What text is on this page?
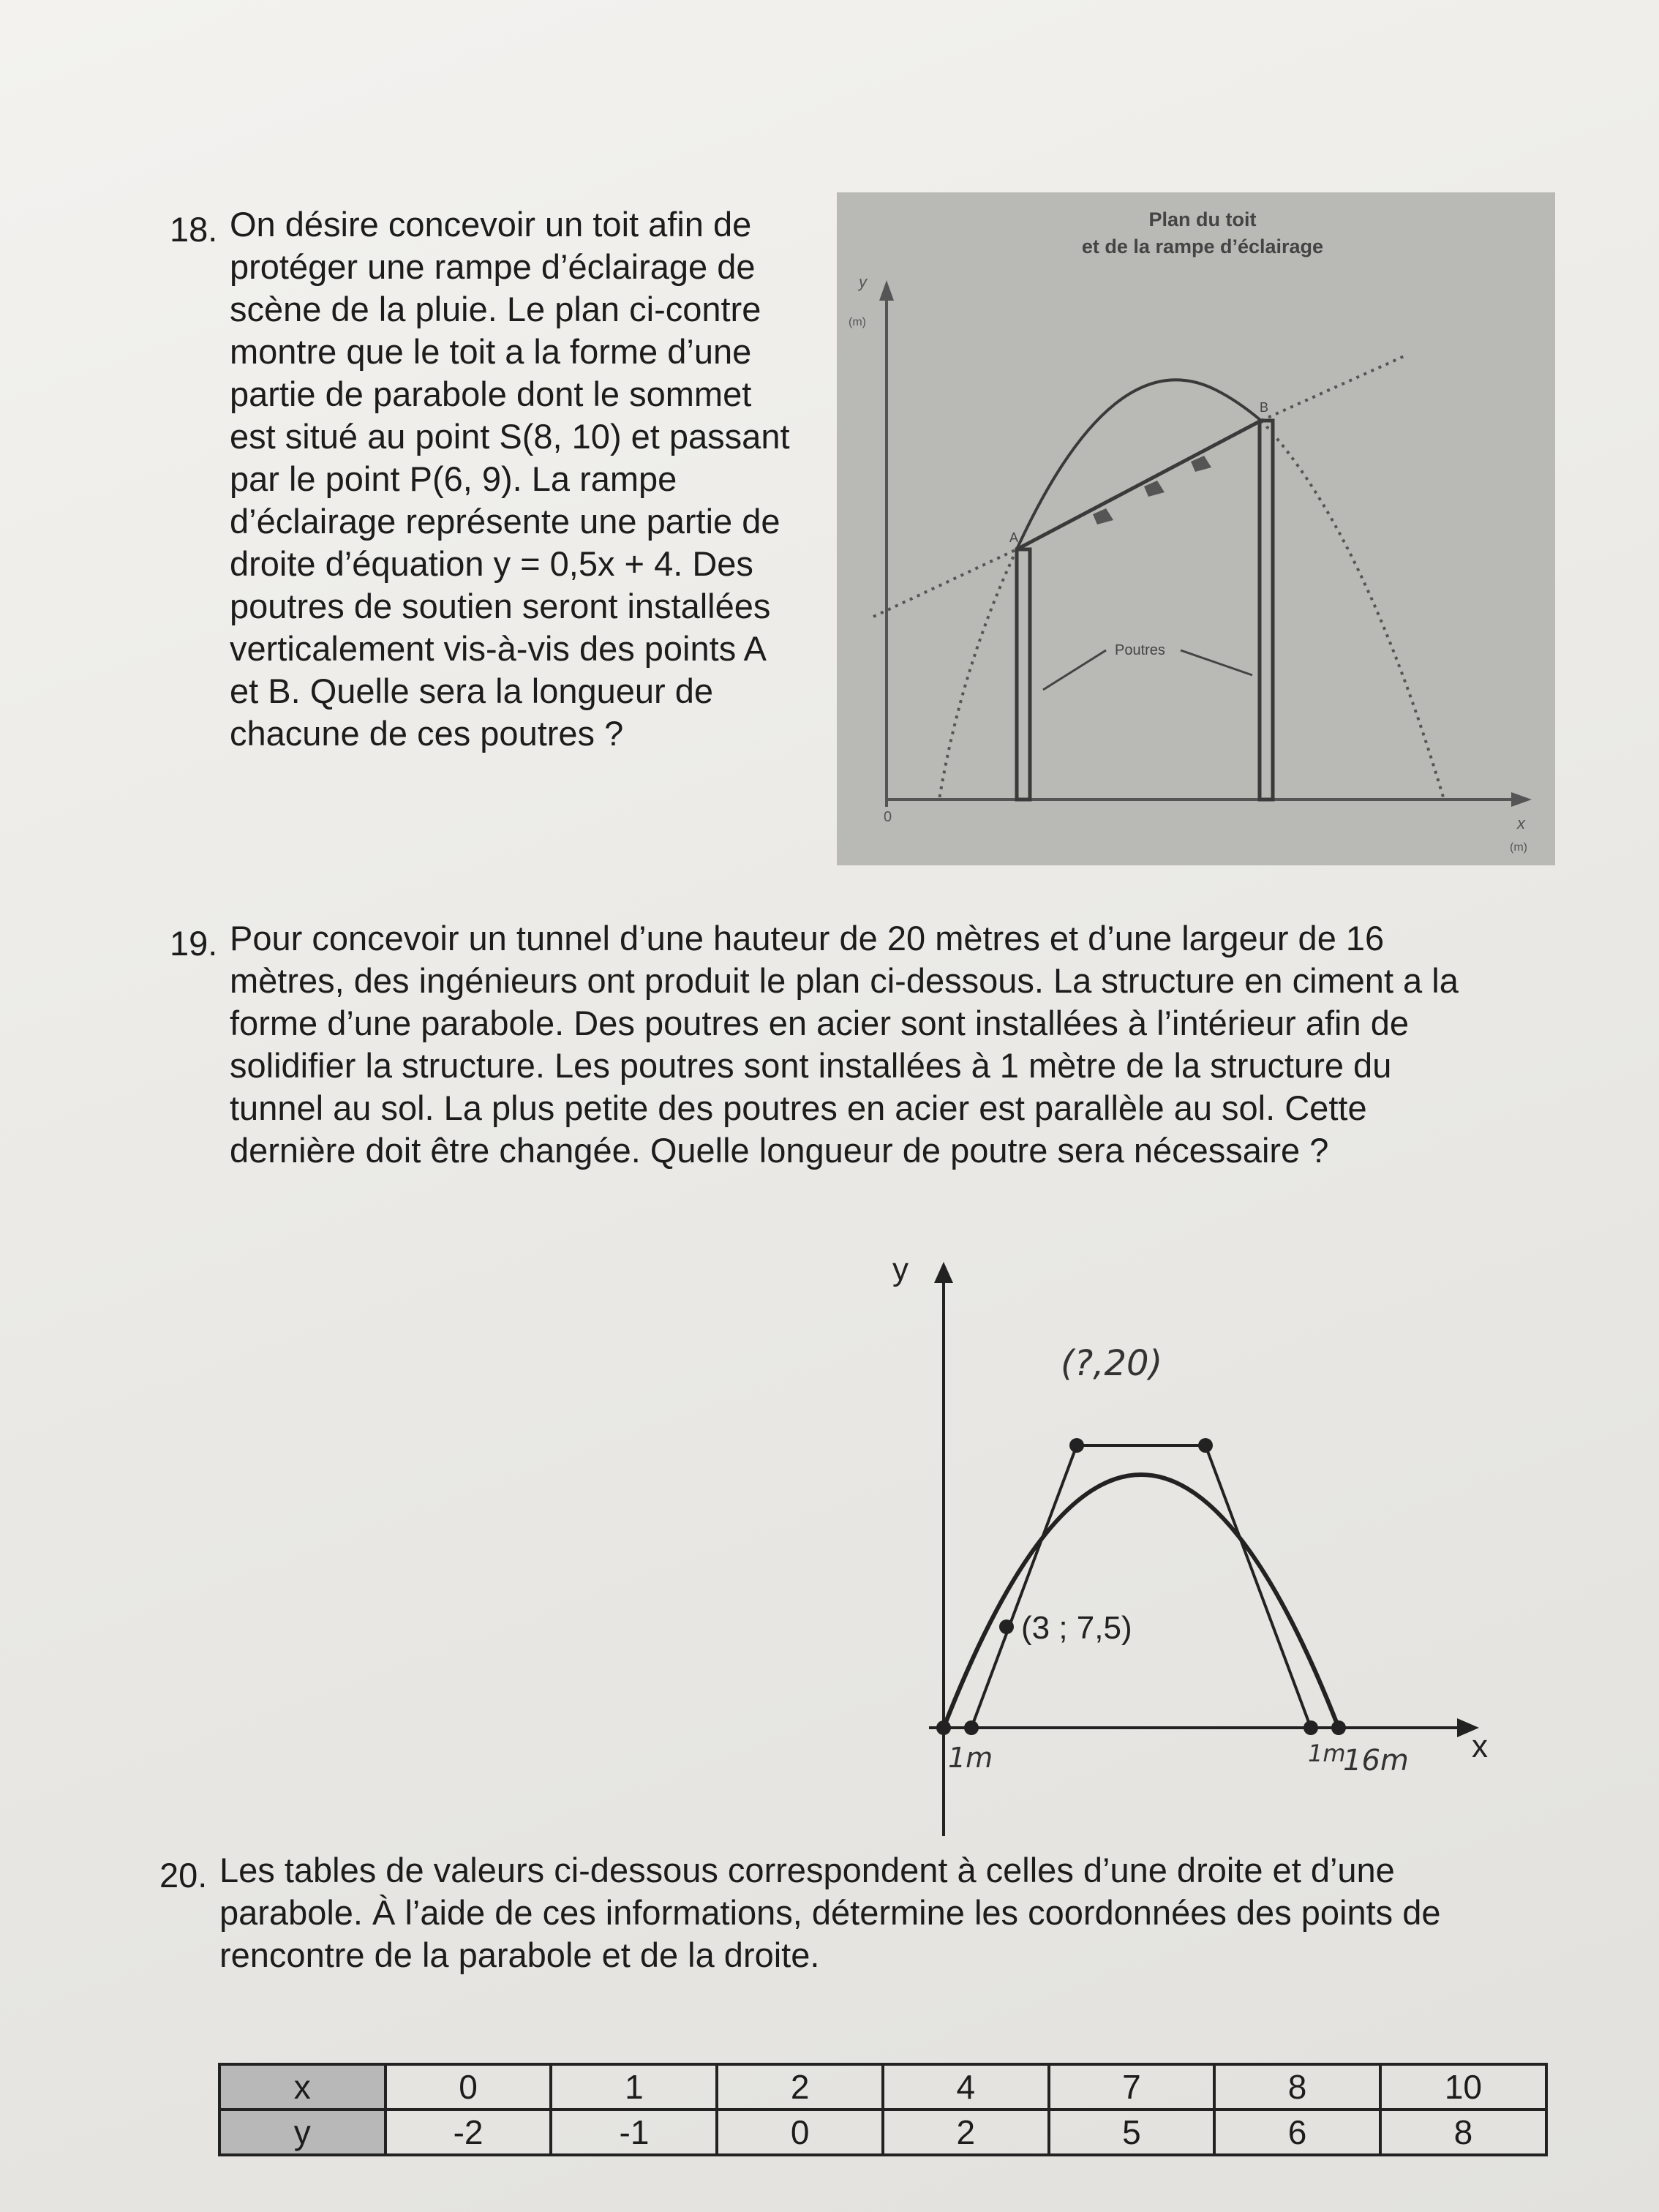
18. On désire concevoir un toit afin de
protéger une rampe d’éclairage de
scène de la pluie. Le plan ci-contre
montre que le toit a la forme d’une
partie de parabole dont le sommet
est situé au point S(8, 10) et passant
par le point P(6, 9). La rampe
d’éclairage représente une partie de
droite d’équation y = 0,5x + 4. Des
poutres de soutien seront installées
verticalement vis-à-vis des points A
et B. Quelle sera la longueur de
chacune de ces poutres ?
Plan du toit
et de la rampe d’éclairage
y
(m)
x
(m)
0
A
B
Poutres
19. Pour concevoir un tunnel d’une hauteur de 20 mètres et d’une largeur de 16
mètres, des ingénieurs ont produit le plan ci-dessous. La structure en ciment a la
forme d’une parabole. Des poutres en acier sont installées à l’intérieur afin de
solidifier la structure. Les poutres sont installées à 1 mètre de la structure du
tunnel au sol. La plus petite des poutres en acier est parallèle au sol. Cette
dernière doit être changée. Quelle longueur de poutre sera nécessaire ?
y
x
(3 ; 7,5)
(?,20)
1m	1m
16m
20. Les tables de valeurs ci-dessous correspondent à celles d’une droite et d’une
parabole. À l’aide de ces informations, détermine les coordonnées des points de
rencontre de la parabole et de la droite.
x	0	1	2	4	7	8	10
y	-2	-1	0	2	5	6	8
